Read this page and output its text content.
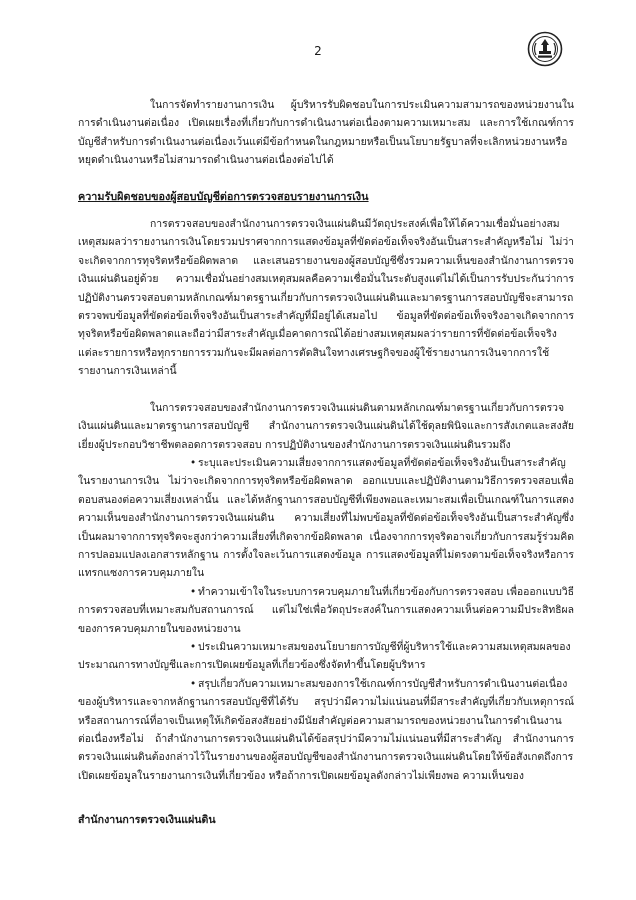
2

ในการจัดทำรายงานการเงิน ผู้บริหารรับผิดชอบในการประเมินความสามารถของหน่วยงานในการดำเนินงานต่อเนื่อง เปิดเผยเรื่องที่เกี่ยวกับการดำเนินงานต่อเนื่องตามความเหมาะสม และการใช้เกณฑ์การบัญชีสำหรับการดำเนินงานต่อเนื่องเว้นแต่มีข้อกำหนดในกฎหมายหรือเป็นนโยบายรัฐบาลที่จะเลิกหน่วยงานหรือหยุดดำเนินงานหรือไม่สามารถดำเนินงานต่อเนื่องต่อไปได้

ความรับผิดชอบของผู้สอบบัญชีต่อการตรวจสอบรายงานการเงิน

การตรวจสอบของสำนักงานการตรวจเงินแผ่นดินมีวัตถุประสงค์เพื่อให้ได้ความเชื่อมั่นอย่างสมเหตุสมผลว่ารายงานการเงินโดยรวมปราศจากการแสดงข้อมูลที่ขัดต่อข้อเท็จจริงอันเป็นสาระสำคัญหรือไม่ ไม่ว่าจะเกิดจากการทุจริตหรือข้อผิดพลาด และเสนอรายงานของผู้สอบบัญชีซึ่งรวมความเห็นของสำนักงานการตรวจเงินแผ่นดินอยู่ด้วย ความเชื่อมั่นอย่างสมเหตุสมผลคือความเชื่อมั่นในระดับสูงแต่ไม่ได้เป็นการรับประกันว่าการปฏิบัติงานตรวจสอบตามหลักเกณฑ์มาตรฐานเกี่ยวกับการตรวจเงินแผ่นดินและมาตรฐานการสอบบัญชีจะสามารถตรวจพบข้อมูลที่ขัดต่อข้อเท็จจริงอันเป็นสาระสำคัญที่มีอยู่ได้เสมอไป ข้อมูลที่ขัดต่อข้อเท็จจริงอาจเกิดจากการทุจริตหรือข้อผิดพลาดและถือว่ามีสาระสำคัญเมื่อคาดการณ์ได้อย่างสมเหตุสมผลว่ารายการที่ขัดต่อข้อเท็จจริงแต่ละรายการหรือทุกรายการรวมกันจะมีผลต่อการตัดสินใจทางเศรษฐกิจของผู้ใช้รายงานการเงินจากการใช้รายงานการเงินเหล่านี้

ในการตรวจสอบของสำนักงานการตรวจเงินแผ่นดินตามหลักเกณฑ์มาตรฐานเกี่ยวกับการตรวจเงินแผ่นดินและมาตรฐานการสอบบัญชี สำนักงานการตรวจเงินแผ่นดินได้ใช้ดุลยพินิจและการสังเกตและสงสัยเยี่ยงผู้ประกอบวิชาชีพตลอดการตรวจสอบ การปฏิบัติงานของสำนักงานการตรวจเงินแผ่นดินรวมถึง

• ระบุและประเมินความเสี่ยงจากการแสดงข้อมูลที่ขัดต่อข้อเท็จจริงอันเป็นสาระสำคัญในรายงานการเงิน ไม่ว่าจะเกิดจากการทุจริตหรือข้อผิดพลาด ออกแบบและปฏิบัติงานตามวิธีการตรวจสอบเพื่อตอบสนองต่อความเสี่ยงเหล่านั้น และได้หลักฐานการสอบบัญชีที่เพียงพอและเหมาะสมเพื่อเป็นเกณฑ์ในการแสดงความเห็นของสำนักงานการตรวจเงินแผ่นดิน ความเสี่ยงที่ไม่พบข้อมูลที่ขัดต่อข้อเท็จจริงอันเป็นสาระสำคัญซึ่งเป็นผลมาจากการทุจริตจะสูงกว่าความเสี่ยงที่เกิดจากข้อผิดพลาด เนื่องจากการทุจริตอาจเกี่ยวกับการสมรู้ร่วมคิด การปลอมแปลงเอกสารหลักฐาน การตั้งใจละเว้นการแสดงข้อมูล การแสดงข้อมูลที่ไม่ตรงตามข้อเท็จจริงหรือการแทรกแซงการควบคุมภายใน

• ทำความเข้าใจในระบบการควบคุมภายในที่เกี่ยวข้องกับการตรวจสอบ เพื่อออกแบบวิธีการตรวจสอบที่เหมาะสมกับสถานการณ์ แต่ไม่ใช่เพื่อวัตถุประสงค์ในการแสดงความเห็นต่อความมีประสิทธิผลของการควบคุมภายในของหน่วยงาน

• ประเมินความเหมาะสมของนโยบายการบัญชีที่ผู้บริหารใช้และความสมเหตุสมผลของประมาณการทางบัญชีและการเปิดเผยข้อมูลที่เกี่ยวข้องซึ่งจัดทำขึ้นโดยผู้บริหาร

• สรุปเกี่ยวกับความเหมาะสมของการใช้เกณฑ์การบัญชีสำหรับการดำเนินงานต่อเนื่องของผู้บริหารและจากหลักฐานการสอบบัญชีที่ได้รับ สรุปว่ามีความไม่แน่นอนที่มีสาระสำคัญที่เกี่ยวกับเหตุการณ์หรือสถานการณ์ที่อาจเป็นเหตุให้เกิดข้อสงสัยอย่างมีนัยสำคัญต่อความสามารถของหน่วยงานในการดำเนินงานต่อเนื่องหรือไม่ ถ้าสำนักงานการตรวจเงินแผ่นดินได้ข้อสรุปว่ามีความไม่แน่นอนที่มีสาระสำคัญ สำนักงานการตรวจเงินแผ่นดินต้องกล่าวไว้ในรายงานของผู้สอบบัญชีของสำนักงานการตรวจเงินแผ่นดินโดยให้ข้อสังเกตถึงการเปิดเผยข้อมูลในรายงานการเงินที่เกี่ยวข้อง หรือถ้าการเปิดเผยข้อมูลดังกล่าวไม่เพียงพอ ความเห็นของ

สำนักงานการตรวจเงินแผ่นดิน
